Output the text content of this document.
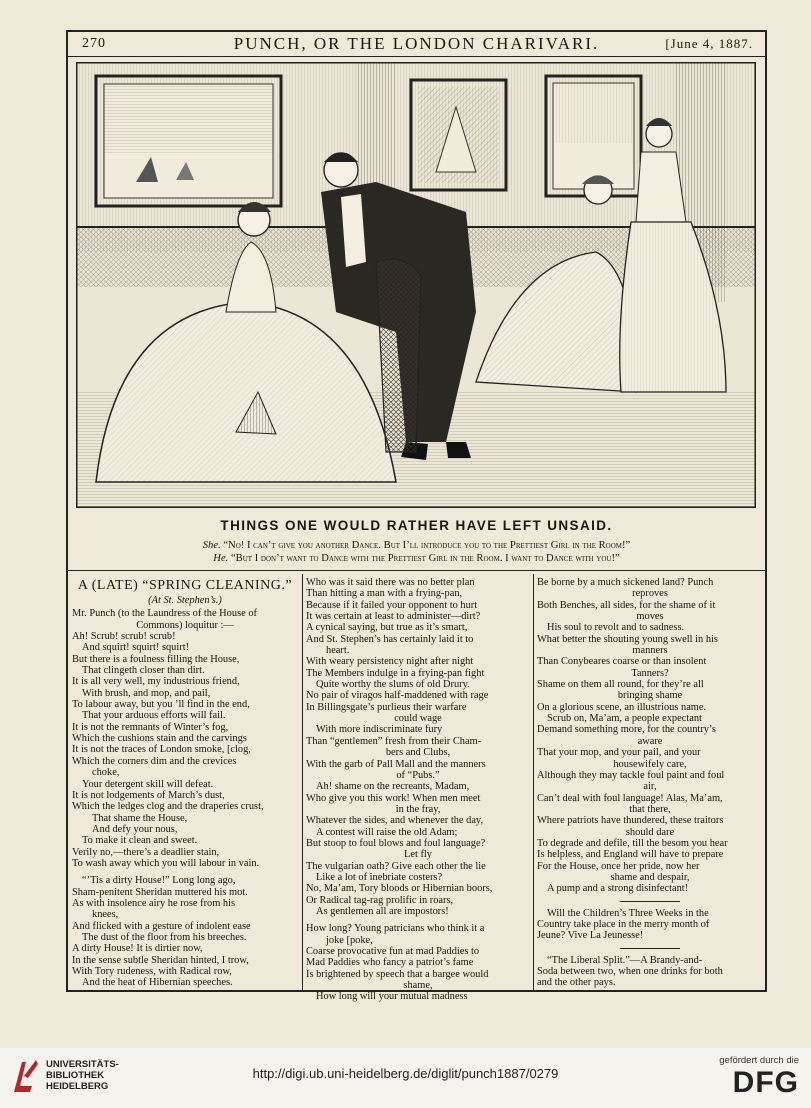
270	PUNCH, OR THE LONDON CHARIVARI.	[June 4, 1887.
THINGS ONE WOULD RATHER HAVE LEFT UNSAID.
She. “No! I can’t give you another Dance. But I’ll introduce you to the Prettiest Girl in the Room!”
He. “But I don’t want to Dance with the Prettiest Girl in the Room. I want to Dance with you!”
A (LATE) “SPRING CLEANING.”
(At St. Stephen’s.)
Mr. Punch (to the Laundress of the House of
Commons) loquitur :—
Ah! Scrub! scrub! scrub!
And squirt! squirt! squirt!
But there is a foulness filling the House,
That clingeth closer than dirt.
It is all very well, my industrious friend,
With brush, and mop, and pail,
To labour away, but you ’ll find in the end,
That your arduous efforts will fail.
It is not the remnants of Winter’s fog,
Which the cushions stain and the carvings
It is not the traces of London smoke, [clog,
Which the corners dim and the crevices
choke,
Your detergent skill will defeat.
It is not lodgements of March’s dust,
Which the ledges clog and the draperies crust,
That shame the House,
And defy your nous,
To make it clean and sweet.
Verily no,—there’s a deadlier stain,
To wash away which you will labour in vain.
“’Tis a dirty House!” Long long ago,
Sham-penitent Sheridan muttered his mot.
As with insolence airy he rose from his
knees,
And flicked with a gesture of indolent ease
The dust of the floor from his breeches.
A dirty House! It is dirtier now,
In the sense subtle Sheridan hinted, I trow,
With Tory rudeness, with Radical row,
And the heat of Hibernian speeches.
Who was it said there was no better plan
Than hitting a man with a frying-pan,
Because if it failed your opponent to hurt
It was certain at least to administer—dirt?
A cynical saying, but true as it’s smart,
And St. Stephen’s has certainly laid it to
heart.
With weary persistency night after night
The Members indulge in a frying-pan fight
Quite worthy the slums of old Drury.
No pair of viragos half-maddened with rage
In Billingsgate’s purlieus their warfare
could wage
With more indiscriminate fury
Than “gentlemen” fresh from their Cham-
bers and Clubs,
With the garb of Pall Mall and the manners
of “Pubs.”
Ah! shame on the recreants, Madam,
Who give you this work! When men meet
in the fray,
Whatever the sides, and whenever the day,
A contest will raise the old Adam;
But stoop to foul blows and foul language?
Let fly
The vulgarian oath? Give each other the lie
Like a lot of inebriate costers?
No, Ma’am, Tory bloods or Hibernian boors,
Or Radical tag-rag prolific in roars,
As gentlemen all are impostors!
How long? Young patricians who think it a
joke [poke,
Coarse provocative fun at mad Paddies to
Mad Paddies who fancy a patriot’s fame
Is brightened by speech that a bargee would
shame,
How long will your mutual madness
Be borne by a much sickened land? Punch
reproves
Both Benches, all sides, for the shame of it
moves
His soul to revolt and to sadness.
What better the shouting young swell in his
manners
Than Conybeares coarse or than insolent
Tanners?
Shame on them all round, for they’re all
bringing shame
On a glorious scene, an illustrious name.
Scrub on, Ma’am, a people expectant
Demand something more, for the country’s
aware
That your mop, and your pail, and your
housewifely care,
Although they may tackle foul paint and foul
air,
Can’t deal with foul language! Alas, Ma’am,
that there,
Where patriots have thundered, these traitors
should dare
To degrade and defile, till the besom you hear
Is helpless, and England will have to prepare
For the House, once her pride, now her
shame and despair,
A pump and a strong disinfectant!
Will the Children’s Three Weeks in the
Country take place in the merry month of
Jeune? Vive La Jeunesse!
“The Liberal Split.”—A Brandy-and-
Soda between two, when one drinks for both
and the other pays.
UNIVERSITÄTS-
BIBLIOTHEK
HEIDELBERG
http://digi.ub.uni-heidelberg.de/diglit/punch1887/0279
gefördert durch die
DFG
